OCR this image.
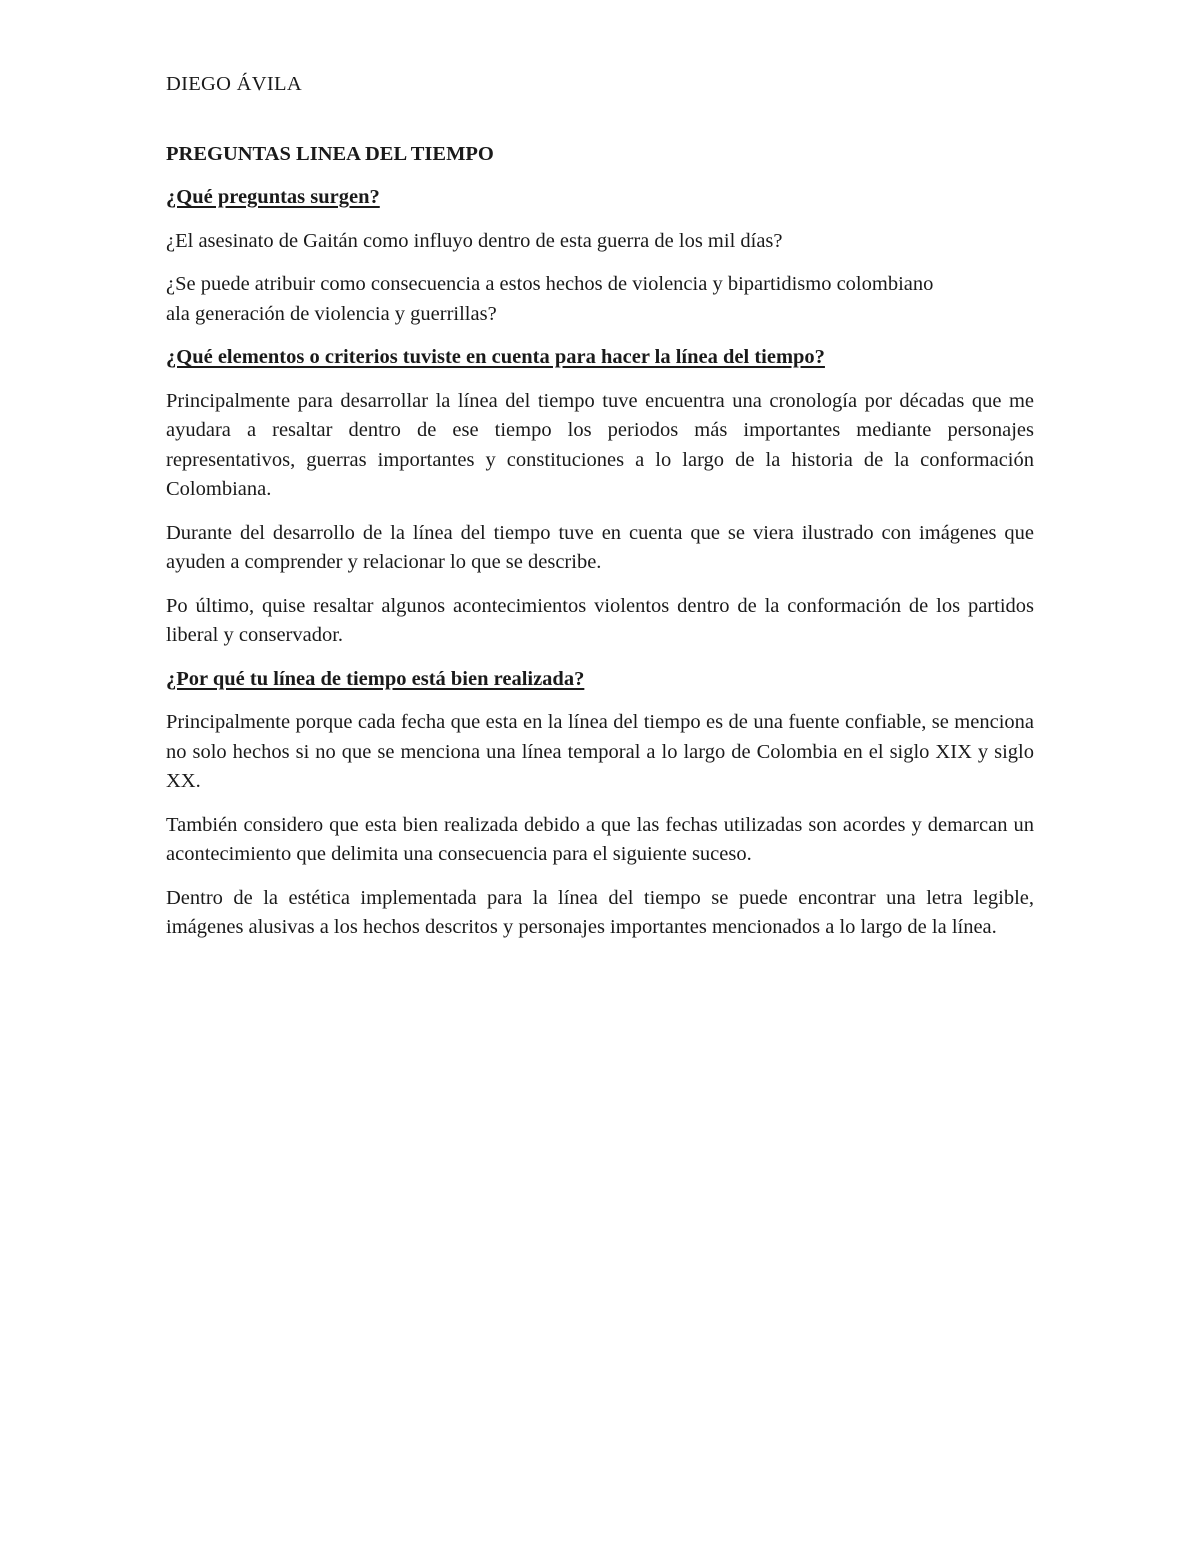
DIEGO ÁVILA

PREGUNTAS LINEA DEL TIEMPO

¿Qué preguntas surgen?

¿El asesinato de Gaitán como influyo dentro de esta guerra de los mil días?

¿Se puede atribuir como consecuencia a estos hechos de violencia y bipartidismo colombiano ala generación de violencia y guerrillas?

¿Qué elementos o criterios tuviste en cuenta para hacer la línea del tiempo?

Principalmente para desarrollar la línea del tiempo tuve encuentra una cronología por décadas que me ayudara a resaltar dentro de ese tiempo los periodos más importantes mediante personajes representativos, guerras importantes y constituciones a lo largo de la historia de la conformación Colombiana.

Durante del desarrollo de la línea del tiempo tuve en cuenta que se viera ilustrado con imágenes que ayuden a comprender y relacionar lo que se describe.

Po último, quise resaltar algunos acontecimientos violentos dentro de la conformación de los partidos liberal y conservador.

¿Por qué tu línea de tiempo está bien realizada?

Principalmente porque cada fecha que esta en la línea del tiempo es de una fuente confiable, se menciona no solo hechos si no que se menciona una línea temporal a lo largo de Colombia en el siglo XIX y siglo XX.

También considero que esta bien realizada debido a que las fechas utilizadas son acordes y demarcan un acontecimiento que delimita una consecuencia para el siguiente suceso.

Dentro de la estética implementada para la línea del tiempo se puede encontrar una letra legible, imágenes alusivas a los hechos descritos y personajes importantes mencionados a lo largo de la línea.
